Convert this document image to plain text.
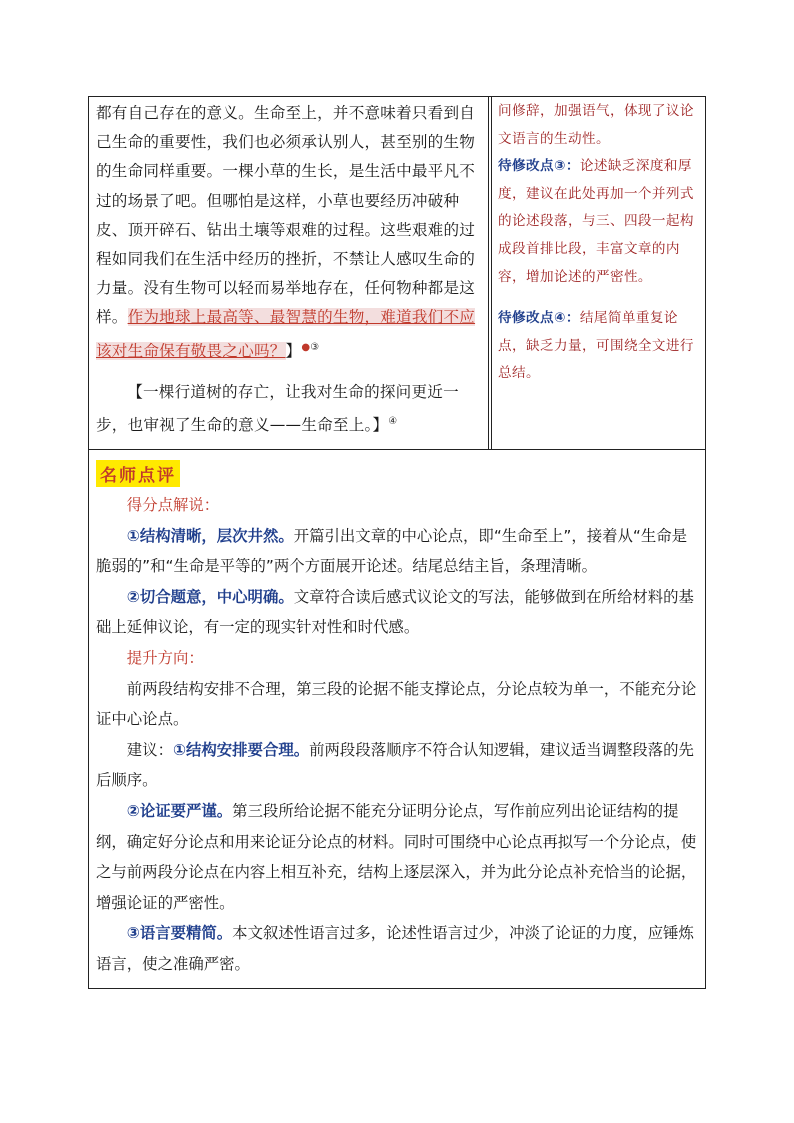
都有自己存在的意义。生命至上，并不意味着只看到自己生命的重要性，我们也必须承认别人，甚至别的生物的生命同样重要。一棵小草的生长，是生活中最平凡不过的场景了吧。但哪怕是这样，小草也要经历冲破种皮、顶开碎石、钻出土壤等艰难的过程。这些艰难的过程如同我们在生活中经历的挫折，不禁让人感叹生命的力量。没有生物可以轻而易举地存在，任何物种都是这样。作为地球上最高等、最智慧的生物，难道我们不应该对生命保有敬畏之心吗？】●③

【一棵行道树的存亡，让我对生命的探问更近一步，也审视了生命的意义——生命至上。】④

问修辞，加强语气，体现了议论文语言的生动性。

待修改点③：论述缺乏深度和厚度，建议在此处再加一个并列式的论述段落，与三、四段一起构成段首排比段，丰富文章的内容，增加论述的严密性。

待修改点④：结尾简单重复论点，缺乏力量，可围绕全文进行总结。

名师点评

得分点解说：

①结构清晰，层次井然。开篇引出文章的中心论点，即“生命至上”，接着从“生命是脆弱的”和“生命是平等的”两个方面展开论述。结尾总结主旨，条理清晰。

②切合题意，中心明确。文章符合读后感式议论文的写法，能够做到在所给材料的基础上延伸议论，有一定的现实针对性和时代感。

提升方向：

前两段结构安排不合理，第三段的论据不能支撑论点，分论点较为单一，不能充分论证中心论点。

建议：①结构安排要合理。前两段段落顺序不符合认知逻辑，建议适当调整段落的先后顺序。

②论证要严谨。第三段所给论据不能充分证明分论点，写作前应列出论证结构的提纲，确定好分论点和用来论证分论点的材料。同时可围绕中心论点再拟写一个分论点，使之与前两段分论点在内容上相互补充，结构上逐层深入，并为此分论点补充恰当的论据，增强论证的严密性。

③语言要精简。本文叙述性语言过多，论述性语言过少，冲淡了论证的力度，应锤炼语言，使之准确严密。
